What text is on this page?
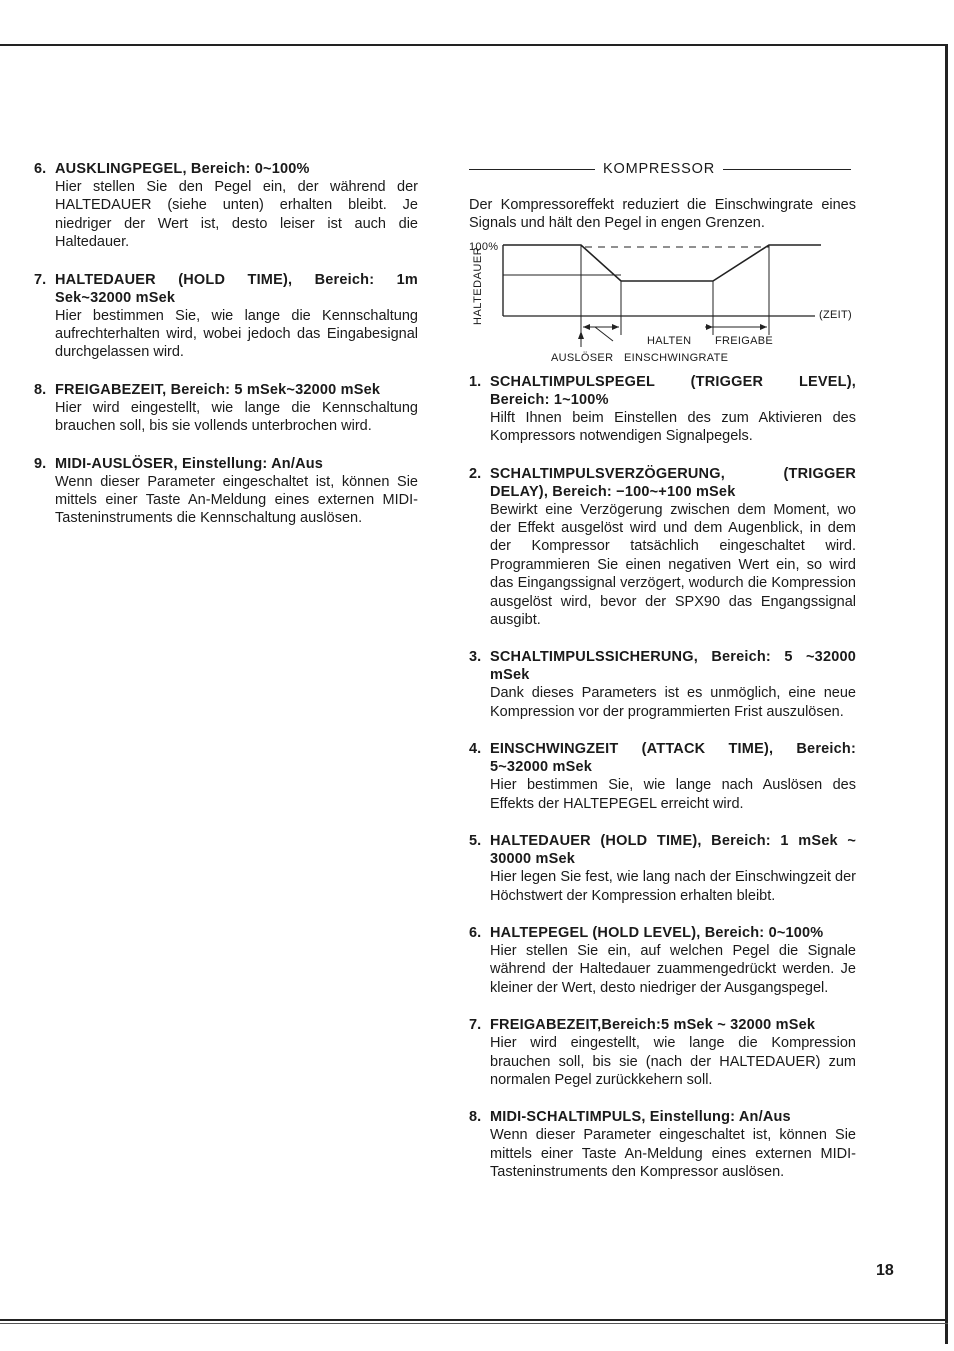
6. AUSKLINGPEGEL, Bereich: 0~100%
Hier stellen Sie den Pegel ein, der während der HALTEDAUER (siehe unten) erhalten bleibt. Je niedriger der Wert ist, desto leiser ist auch die Haltedauer.
7. HALTEDAUER (HOLD TIME), Bereich: 1m Sek~32000 mSek
Hier bestimmen Sie, wie lange die Kennschaltung aufrechterhalten wird, wobei jedoch das Eingabesignal durchgelassen wird.
8. FREIGABEZEIT, Bereich: 5 mSek~32000 mSek
Hier wird eingestellt, wie lange die Kennschaltung brauchen soll, bis sie vollends unterbrochen wird.
9. MIDI-AUSLÖSER, Einstellung: An/Aus
Wenn dieser Parameter eingeschaltet ist, können Sie mittels einer Taste An-Meldung eines externen MIDI-Tasteninstruments die Kennschaltung auslösen.
KOMPRESSOR
Der Kompressoreffekt reduziert die Einschwingrate eines Signals und hält den Pegel in engen Grenzen.
100%
HALTEDAUER	(ZEIT)
HALTEN FREIGABE
AUSLÖSER EINSCHWINGRATE
1. SCHALTIMPULSPEGEL (TRIGGER LEVEL), Bereich: 1~100%
Hilft Ihnen beim Einstellen des zum Aktivieren des Kompressors notwendigen Signalpegels.
2. SCHALTIMPULSVERZÖGERUNG, (TRIGGER DELAY), Bereich: −100~+100 mSek
Bewirkt eine Verzögerung zwischen dem Moment, wo der Effekt ausgelöst wird und dem Augenblick, in dem der Kompressor tatsächlich eingeschaltet wird. Programmieren Sie einen negativen Wert ein, so wird das Eingangssignal verzögert, wodurch die Kompression ausgelöst wird, bevor der SPX90 das Engangssignal ausgibt.
3. SCHALTIMPULSSICHERUNG, Bereich: 5 ~32000 mSek
Dank dieses Parameters ist es unmöglich, eine neue Kompression vor der programmierten Frist auszulösen.
4. EINSCHWINGZEIT (ATTACK TIME), Bereich: 5~32000 mSek
Hier bestimmen Sie, wie lange nach Auslösen des Effekts der HALTEPEGEL erreicht wird.
5. HALTEDAUER (HOLD TIME), Bereich: 1 mSek ~ 30000 mSek
Hier legen Sie fest, wie lang nach der Einschwingzeit der Höchstwert der Kompression erhalten bleibt.
6. HALTEPEGEL (HOLD LEVEL), Bereich: 0~100%
Hier stellen Sie ein, auf welchen Pegel die Signale während der Haltedauer zuammengedrückt werden. Je kleiner der Wert, desto niedriger der Ausgangspegel.
7. FREIGABEZEIT,Bereich:5 mSek ~ 32000 mSek
Hier wird eingestellt, wie lange die Kompression brauchen soll, bis sie (nach der HALTEDAUER) zum normalen Pegel zurückkehern soll.
8. MIDI-SCHALTIMPULS, Einstellung: An/Aus
Wenn dieser Parameter eingeschaltet ist, können Sie mittels einer Taste An-Meldung eines externen MIDI-Tasteninstruments den Kompressor auslösen.
18
